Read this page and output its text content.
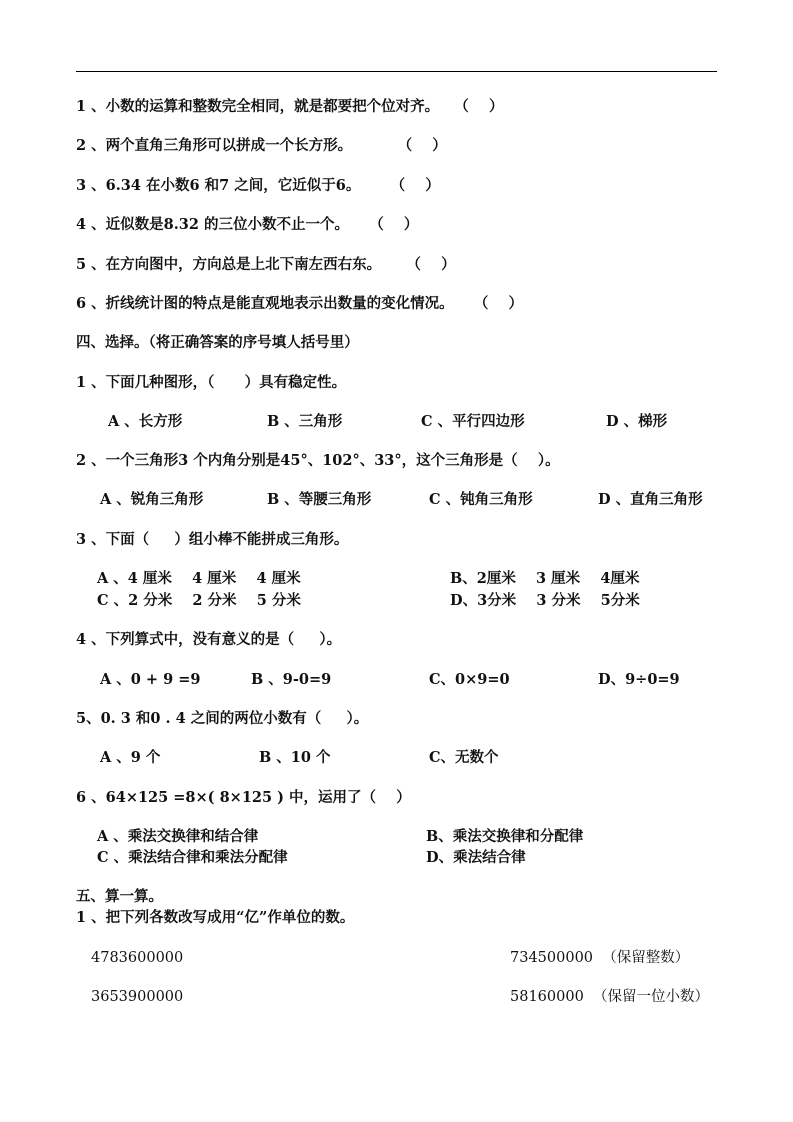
1 、小数的运算和整数完全相同，就是都要把个位对齐。   （    ）
2 、两个直角三角形可以拼成一个长方形。         （    ）
3 、6.34 在小数6 和7 之间，它近似于6。      （    ）
4 、近似数是8.32 的三位小数不止一个。    （    ）
5 、在方向图中，方向总是上北下南左西右东。     （    ）
6 、折线统计图的特点是能直观地表示出数量的变化情况。    （    ）
四、选择。（将正确答案的序号填人括号里）
1 、下面几种图形，（      ）具有稳定性。
A 、长方形	B 、三角形	C 、平行四边形	D 、梯形
2 、一个三角形3 个内角分别是45°、102°、33°，这个三角形是（    ）。
A 、锐角三角形	B 、等腰三角形	C 、钝角三角形	D 、直角三角形
3 、下面（     ）组小棒不能拼成三角形。
A 、4 厘米    4 厘米    4 厘米	B、2厘米    3 厘米    4厘米
C 、2 分米    2 分米    5 分米	D、3分米    3 分米    5分米
4 、下列算式中，没有意义的是（     ）。
A 、0 + 9 =9	B 、9-0=9	C、0×9=0	D、9÷0=9
5、0. 3 和0 . 4 之间的两位小数有（     ）。
A 、9 个	B 、10 个	C、无数个
6 、64×125 =8×( 8×125 ) 中，运用了（    ）
A 、乘法交换律和结合律	B、乘法交换律和分配律
C 、乘法结合律和乘法分配律	D、乘法结合律
五、算一算。
1 、把下列各数改写成用“亿”作单位的数。
4783600000	734500000  （保留整数）
3653900000	58160000  （保留一位小数）
